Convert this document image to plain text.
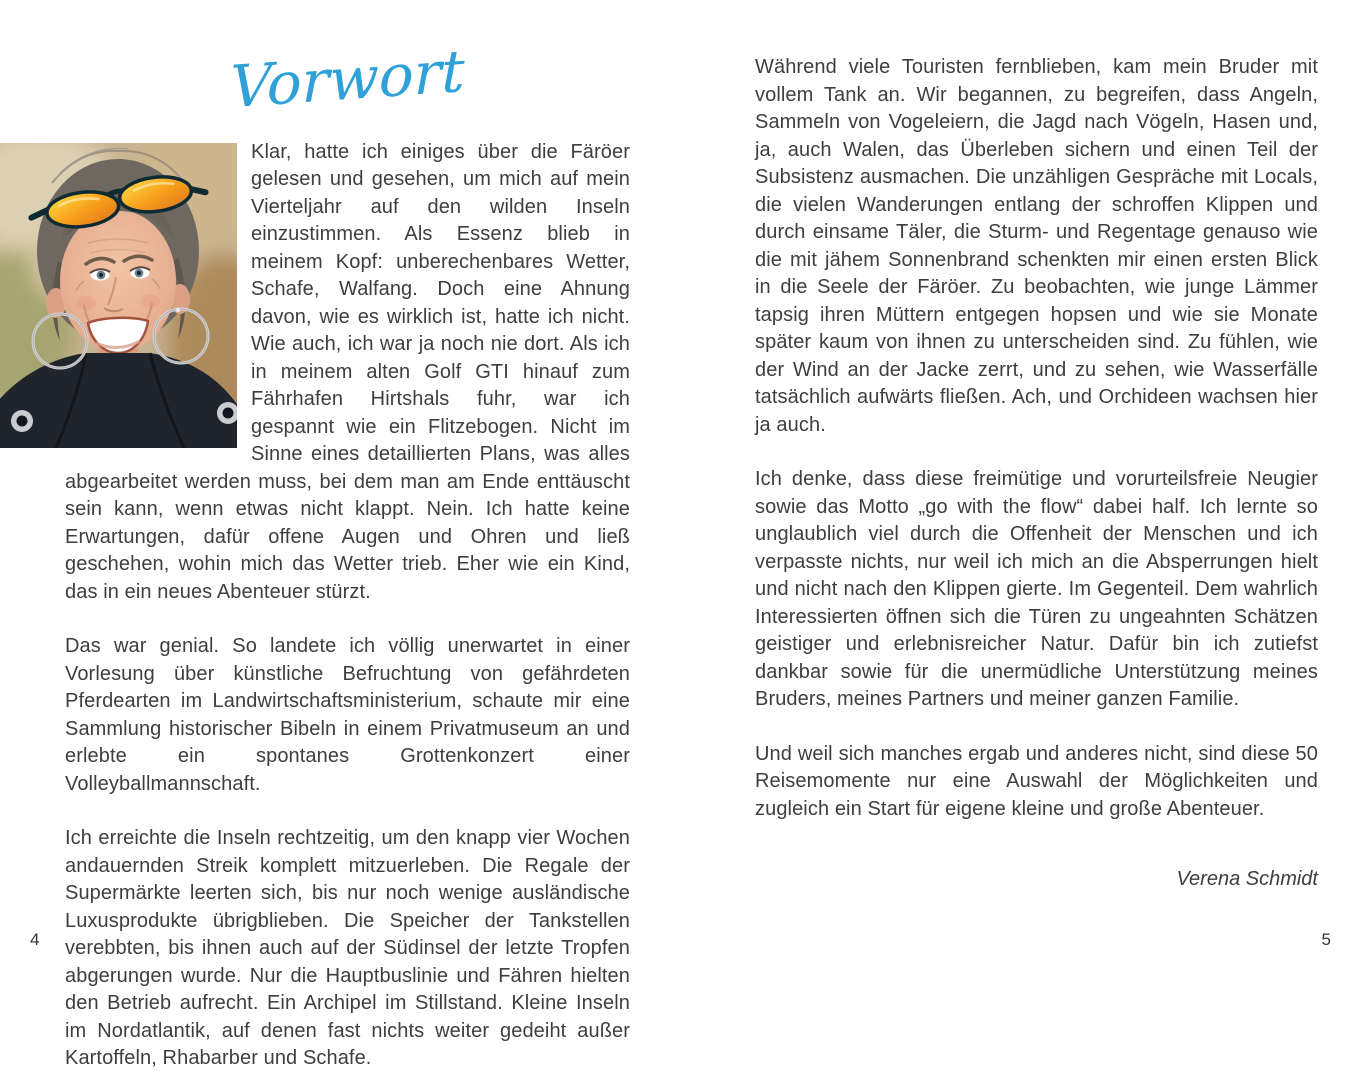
Vorwort

Klar, hatte ich einiges über die Färöer gelesen und gesehen, um mich auf mein Vierteljahr auf den wilden Inseln einzustimmen. Als Essenz blieb in meinem Kopf: unberechenbares Wetter, Schafe, Walfang. Doch eine Ahnung davon, wie es wirklich ist, hatte ich nicht. Wie auch, ich war ja noch nie dort. Als ich in meinem alten Golf GTI hinauf zum Fährhafen Hirtshals fuhr, war ich gespannt wie ein Flitzebogen. Nicht im Sinne eines detaillierten Plans, was alles abgearbeitet werden muss, bei dem man am Ende enttäuscht sein kann, wenn etwas nicht klappt. Nein. Ich hatte keine Erwartungen, dafür offene Augen und Ohren und ließ geschehen, wohin mich das Wetter trieb. Eher wie ein Kind, das in ein neues Abenteuer stürzt.

Das war genial. So landete ich völlig unerwartet in einer Vorlesung über künstliche Befruchtung von gefährdeten Pferdearten im Landwirtschaftsministerium, schaute mir eine Sammlung historischer Bibeln in einem Privatmuseum an und erlebte ein spontanes Grottenkonzert einer Volleyballmannschaft.

Ich erreichte die Inseln rechtzeitig, um den knapp vier Wochen andauernden Streik komplett mitzuerleben. Die Regale der Supermärkte leerten sich, bis nur noch wenige ausländische Luxusprodukte übrigblieben. Die Speicher der Tankstellen verebbten, bis ihnen auch auf der Südinsel der letzte Tropfen abgerungen wurde. Nur die Hauptbuslinie und Fähren hielten den Betrieb aufrecht. Ein Archipel im Stillstand. Kleine Inseln im Nordatlantik, auf denen fast nichts weiter gedeiht außer Kartoffeln, Rhabarber und Schafe.

4

Während viele Touristen fernblieben, kam mein Bruder mit vollem Tank an. Wir begannen, zu begreifen, dass Angeln, Sammeln von Vogeleiern, die Jagd nach Vögeln, Hasen und, ja, auch Walen, das Überleben sichern und einen Teil der Subsistenz ausmachen. Die unzähligen Gespräche mit Locals, die vielen Wanderungen entlang der schroffen Klippen und durch einsame Täler, die Sturm- und Regentage genauso wie die mit jähem Sonnenbrand schenkten mir einen ersten Blick in die Seele der Färöer. Zu beobachten, wie junge Lämmer tapsig ihren Müttern entgegen hopsen und wie sie Monate später kaum von ihnen zu unterscheiden sind. Zu fühlen, wie der Wind an der Jacke zerrt, und zu sehen, wie Wasserfälle tatsächlich aufwärts fließen. Ach, und Orchideen wachsen hier ja auch.

Ich denke, dass diese freimütige und vorurteilsfreie Neugier sowie das Motto „go with the flow“ dabei half. Ich lernte so unglaublich viel durch die Offenheit der Menschen und ich verpasste nichts, nur weil ich mich an die Absperrungen hielt und nicht nach den Klippen gierte. Im Gegenteil. Dem wahrlich Interessierten öffnen sich die Türen zu ungeahnten Schätzen geistiger und erlebnisreicher Natur. Dafür bin ich zutiefst dankbar sowie für die unermüdliche Unterstützung meines Bruders, meines Partners und meiner ganzen Familie.

Und weil sich manches ergab und anderes nicht, sind diese 50 Reisemomente nur eine Auswahl der Möglichkeiten und zugleich ein Start für eigene kleine und große Abenteuer.

Verena Schmidt
5
